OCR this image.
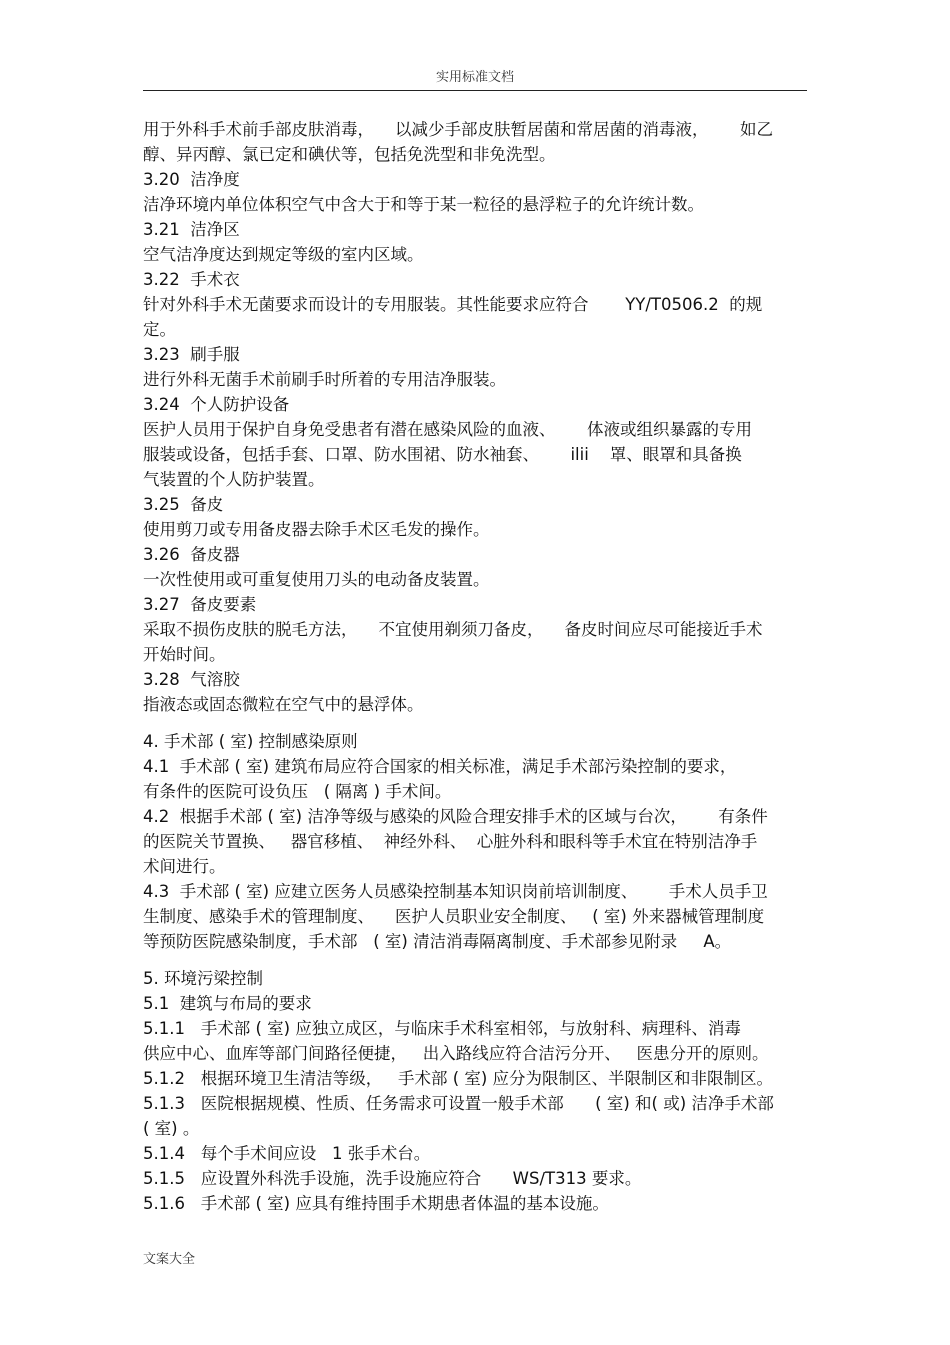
实用标准文档
用于外科手术前手部皮肤消毒，    以减少手部皮肤暂居菌和常居菌的消毒液，      如乙
醇、异丙醇、氯已定和碘伏等，包括免洗型和非免洗型。
3.20  洁净度
洁净环境内单位体积空气中含大于和等于某一粒径的悬浮粒子的允许统计数。
3.21  洁净区
空气洁净度达到规定等级的室内区域。
3.22  手术衣
针对外科手术无菌要求而设计的专用服装。其性能要求应符合       YY/T0506.2  的规
定。
3.23  刷手服
进行外科无菌手术前刷手时所着的专用洁净服装。
3.24  个人防护设备
医护人员用于保护自身免受患者有潜在感染风险的血液、      体液或组织暴露的专用
服装或设备，包括手套、口罩、防水围裙、防水袖套、      ilii    罩、眼罩和具备换
气装置的个人防护装置。
3.25  备皮
使用剪刀或专用备皮器去除手术区毛发的操作。
3.26  备皮器
一次性使用或可重复使用刀头的电动备皮装置。
3.27  备皮要素
采取不损伤皮肤的脱毛方法，    不宜使用剃须刀备皮，    备皮时间应尽可能接近手术
开始时间。
3.28  气溶胶
指液态或固态微粒在空气中的悬浮体。
4. 手术部 ( 室) 控制感染原则
4.1  手术部 ( 室) 建筑布局应符合国家的相关标准，满足手术部污染控制的要求，
有条件的医院可设负压   ( 隔离 ) 手术间。
4.2  根据手术部 ( 室) 洁净等级与感染的风险合理安排手术的区域与台次，      有条件
的医院关节置换、   器官移植、  神经外科、  心脏外科和眼科等手术宜在特别洁净手
术间进行。
4.3  手术部 ( 室) 应建立医务人员感染控制基本知识岗前培训制度、      手术人员手卫
生制度、感染手术的管理制度、    医护人员职业安全制度、   ( 室) 外来器械管理制度
等预防医院感染制度，手术部   ( 室) 清洁消毒隔离制度、手术部参见附录     A。
5. 环境污梁控制
5.1  建筑与布局的要求
5.1.1   手术部 ( 室) 应独立成区，与临床手术科室相邻，与放射科、病理科、消毒
供应中心、血库等部门间路径便捷，   出入路线应符合洁污分开、   医患分开的原则。
5.1.2   根据环境卫生清洁等级，   手术部 ( 室) 应分为限制区、半限制区和非限制区。
5.1.3   医院根据规模、性质、任务需求可设置一般手术部      ( 室) 和( 或) 洁净手术部
( 室) 。
5.1.4   每个手术间应设   1 张手术台。
5.1.5   应设置外科洗手设施，洗手设施应符合      WS∕T313 要求。
5.1.6   手术部 ( 室) 应具有维持围手术期患者体温的基本设施。
文案大全
